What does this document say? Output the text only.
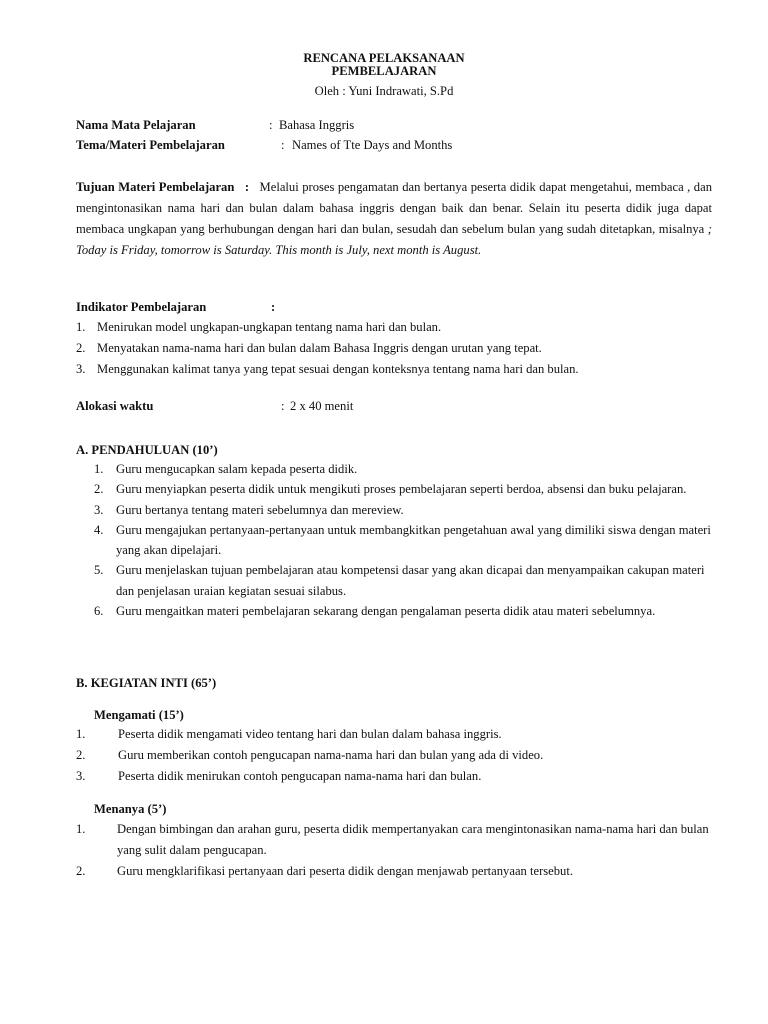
RENCANA PELAKSANAAN
PEMBELAJARAN
Oleh : Yuni Indrawati, S.Pd
Nama Mata Pelajaran	: Bahasa Inggris
Tema/Materi Pembelajaran	: Names of Tte Days and Months
Tujuan Materi Pembelajaran : Melalui proses pengamatan dan bertanya peserta didik dapat mengetahui, membaca , dan mengintonasikan nama hari dan bulan dalam bahasa inggris dengan baik dan benar. Selain itu peserta didik juga dapat membaca ungkapan yang berhubungan dengan hari dan bulan, sesudah dan sebelum bulan yang sudah ditetapkan, misalnya ; Today is Friday, tomorrow is Saturday. This month is July, next month is August.
Indikator Pembelajaran	:
1. Menirukan model ungkapan-ungkapan tentang nama hari dan bulan.
2. Menyatakan nama-nama hari dan bulan dalam Bahasa Inggris dengan urutan yang tepat.
3. Menggunakan kalimat tanya yang tepat sesuai dengan konteksnya tentang nama hari dan bulan.
Alokasi waktu	: 2 x 40 menit
A. PENDAHULUAN (10’)
1. Guru mengucapkan salam kepada peserta didik.
2. Guru menyiapkan peserta didik untuk mengikuti proses pembelajaran seperti berdoa, absensi dan buku pelajaran.
3. Guru bertanya tentang materi sebelumnya dan mereview.
4. Guru mengajukan pertanyaan-pertanyaan untuk membangkitkan pengetahuan awal yang dimiliki siswa dengan materi yang akan dipelajari.
5. Guru menjelaskan tujuan pembelajaran atau kompetensi dasar yang akan dicapai dan menyampaikan cakupan materi dan penjelasan uraian kegiatan sesuai silabus.
6. Guru mengaitkan materi pembelajaran sekarang dengan pengalaman peserta didik atau materi sebelumnya.
B. KEGIATAN INTI (65’)
Mengamati (15’)
1.	Peserta didik mengamati video tentang hari dan bulan dalam bahasa inggris.
2.	Guru memberikan contoh pengucapan nama-nama hari dan bulan yang ada di video.
3.	Peserta didik menirukan contoh pengucapan nama-nama hari dan bulan.
Menanya (5’)
1.	Dengan bimbingan dan arahan guru, peserta didik mempertanyakan cara mengintonasikan nama-nama hari dan bulan yang sulit dalam pengucapan.
2.	Guru mengklarifikasi pertanyaan dari peserta didik dengan menjawab pertanyaan tersebut.
